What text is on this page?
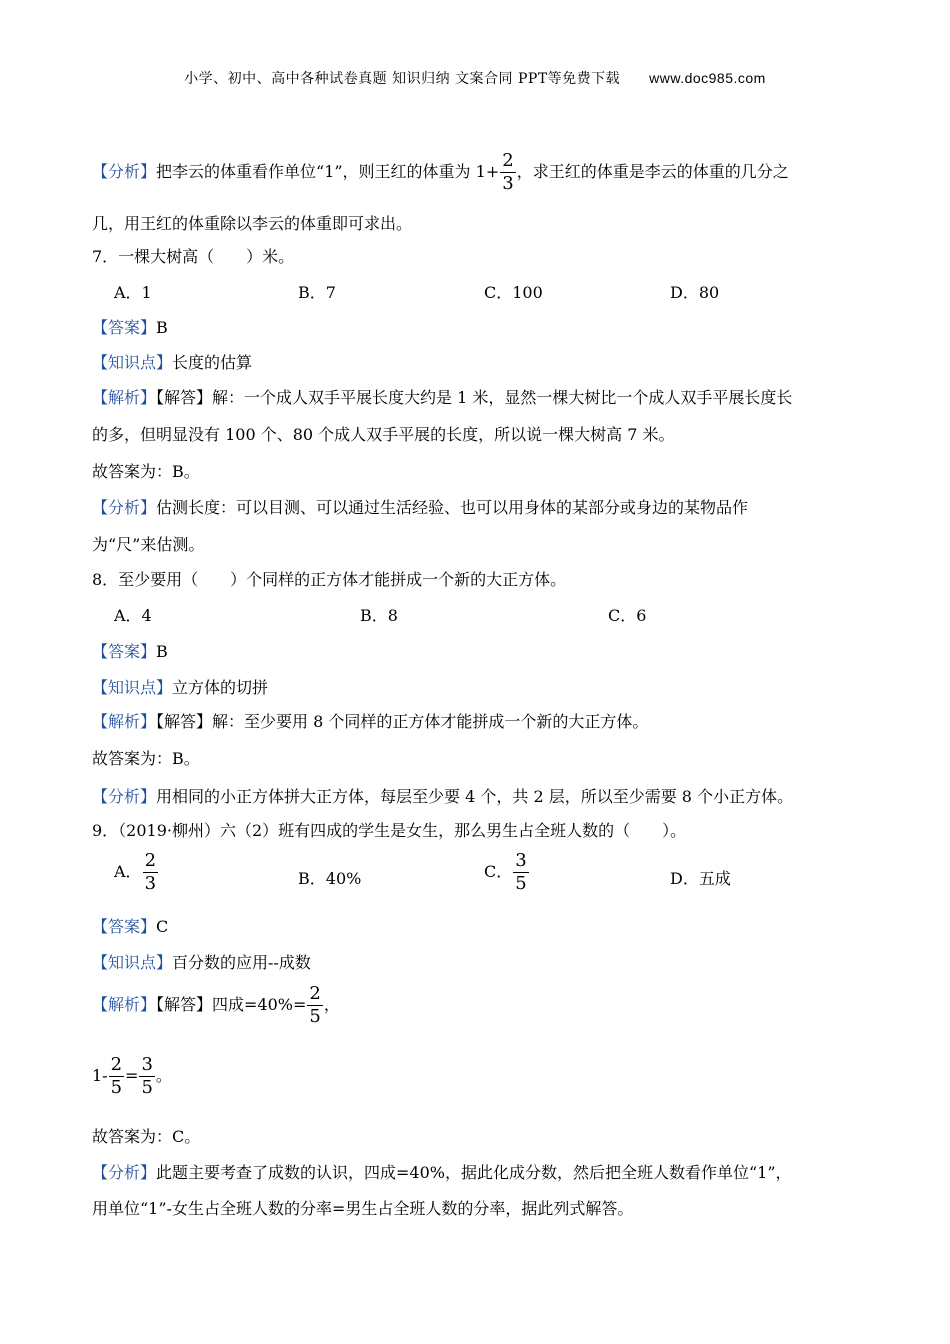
小学、初中、高中各种试卷真题 知识归纳 文案合同 PPT等免费下载 www.doc985.com
【分析】把李云的体重看作单位“1”，则王红的体重为 $1+ \frac{2}{3}$ ，求王红的体重是李云的体重的几分之
几，用王红的体重除以李云的体重即可求出。
7．一棵大树高（　　）米。
A．1	B．7	C．100	D．80
【答案】B
【知识点】长度的估算
【解析】【解答】解：一个成人双手平展长度大约是 1 米，显然一棵大树比一个成人双手平展长度长
的多，但明显没有 100 个、80 个成人双手平展的长度，所以说一棵大树高 7 米。
故答案为：B。
【分析】估测长度：可以目测、可以通过生活经验、也可以用身体的某部分或身边的某物品作
为“尺”来估测。
8．至少要用（　　）个同样的正方体才能拼成一个新的大正方体。
A．4	B．8	C．6
【答案】B
【知识点】立方体的切拼
【解析】【解答】解：至少要用 8 个同样的正方体才能拼成一个新的大正方体。
故答案为：B。
【分析】用相同的小正方体拼大正方体，每层至少要 4 个，共 2 层，所以至少需要 8 个小正方体。
9．（2019·柳州）六（2）班有四成的学生是女生，那么男生占全班人数的（　　）。
A． $\frac{2}{3}$	B．40%	C． $\frac{3}{5}$	D．五成
【答案】C
【知识点】百分数的应用--成数
【解析】【解答】四成$=40\%= \frac{2}{5}$ ，
$1- \frac{2}{5} = \frac{3}{5}$ 。
故答案为：C。
【分析】此题主要考查了成数的认识，四成=40%，据此化成分数，然后把全班人数看作单位“1”，
用单位“1”-女生占全班人数的分率=男生占全班人数的分率，据此列式解答。
